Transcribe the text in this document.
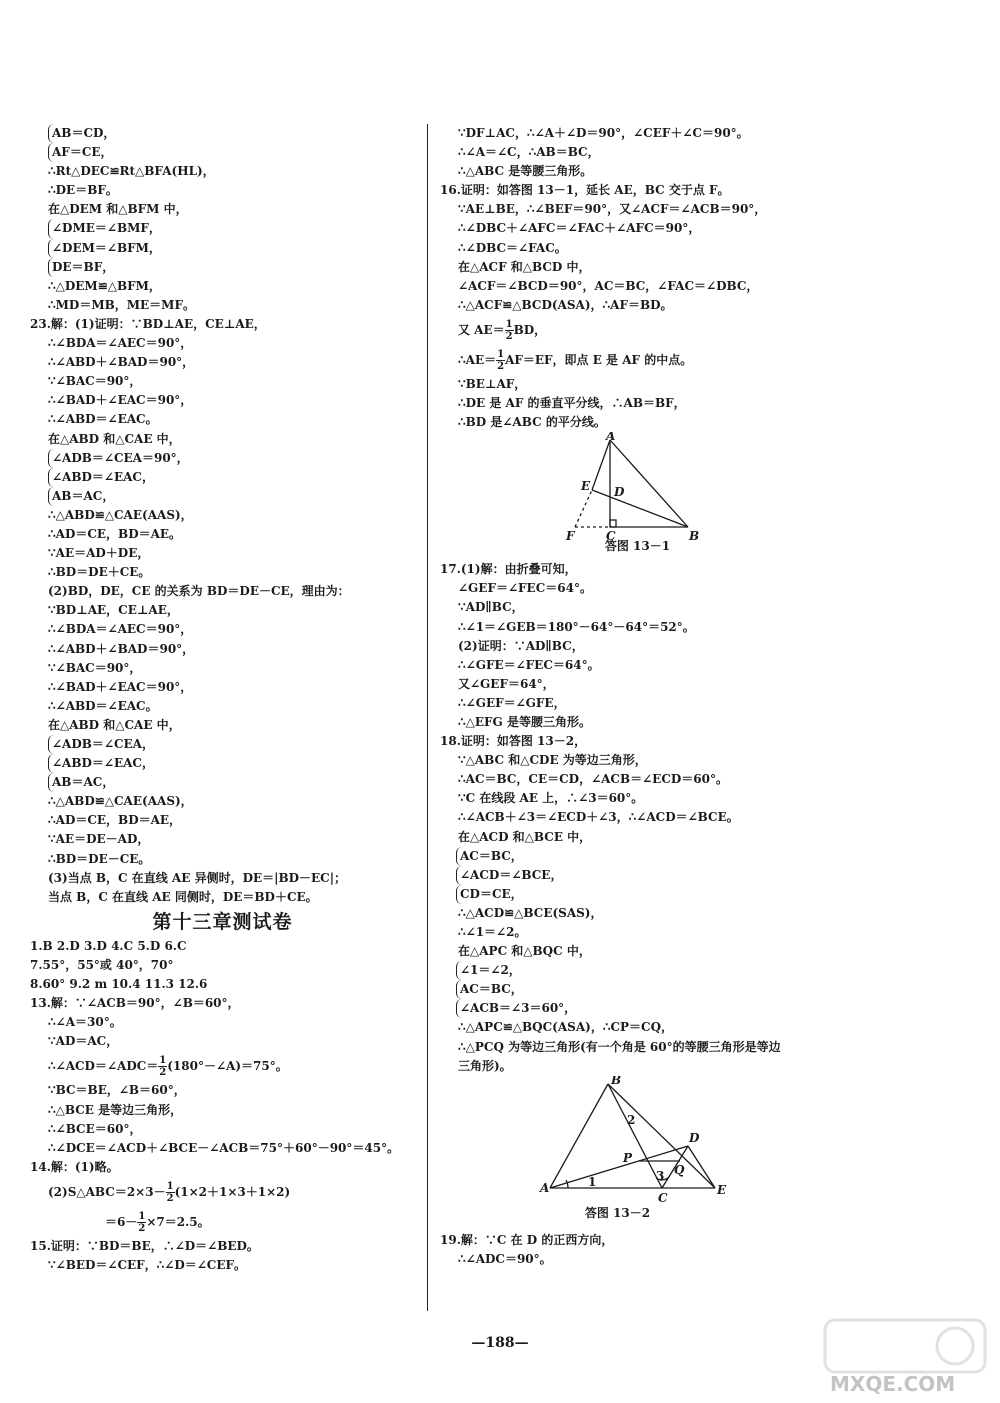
AB＝CD，
AF＝CE，
∴Rt△DEC≌Rt△BFA(HL)，
∴DE＝BF。
在△DEM 和△BFM 中，
∠DME＝∠BMF，
∠DEM＝∠BFM，
DE＝BF，
∴△DEM≌△BFM，
∴MD＝MB，ME＝MF。
23.解：(1)证明：∵BD⊥AE，CE⊥AE，
∴∠BDA＝∠AEC＝90°，
∴∠ABD＋∠BAD＝90°，
∵∠BAC＝90°，
∴∠BAD＋∠EAC＝90°，
∴∠ABD＝∠EAC。
在△ABD 和△CAE 中，
∠ADB＝∠CEA＝90°，
∠ABD＝∠EAC，
AB＝AC，
∴△ABD≌△CAE(AAS)，
∴AD＝CE，BD＝AE。
∵AE＝AD＋DE，
∴BD＝DE＋CE。
(2)BD，DE，CE 的关系为 BD＝DE－CE，理由为：
∵BD⊥AE，CE⊥AE，
∴∠BDA＝∠AEC＝90°，
∴∠ABD＋∠BAD＝90°，
∵∠BAC＝90°，
∴∠BAD＋∠EAC＝90°，
∴∠ABD＝∠EAC。
在△ABD 和△CAE 中，
∠ADB＝∠CEA，
∠ABD＝∠EAC，
AB＝AC，
∴△ABD≌△CAE(AAS)，
∴AD＝CE，BD＝AE，
∵AE＝DE－AD，
∴BD＝DE－CE。
(3)当点 B，C 在直线 AE 异侧时，DE＝|BD－EC|；
当点 B，C 在直线 AE 同侧时，DE＝BD＋CE。
第十三章测试卷
1.B 2.D 3.D 4.C 5.D 6.C
7.55°，55°或 40°，70°
8.60° 9.2 m 10.4 11.3 12.6
13.解：∵∠ACB＝90°，∠B＝60°，
∴∠A＝30°。
∵AD＝AC，
∴∠ACD＝∠ADC＝ $\frac{1}{2}$ (180°－∠A)＝75°。
∵BC＝BE，∠B＝60°，
∴△BCE 是等边三角形，
∴∠BCE＝60°，
∴∠DCE＝∠ACD＋∠BCE－∠ACB＝75°＋60°－90°＝45°。
14.解：(1)略。
(2)S△ABC＝2×3－ $\frac{1}{2} (1\times 2+1\times 3+1\times 2)$
$=6- \frac{1}{2} \times 7=2.5$。
15.证明：∵BD＝BE，∴∠D＝∠BED。
∵∠BED＝∠CEF，∴∠D＝∠CEF。
∵DF⊥AC，∴∠A＋∠D＝90°，∠CEF＋∠C＝90°。
∴∠A＝∠C，∴AB＝BC，
∴△ABC 是等腰三角形。
16.证明：如答图 13－1，延长 AE，BC 交于点 F。
∵AE⊥BE，∴∠BEF＝90°，又∠ACF＝∠ACB＝90°，
∴∠DBC＋∠AFC＝∠FAC＋∠AFC＝90°，
∴∠DBC＝∠FAC。
在△ACF 和△BCD 中，
∠ACF＝∠BCD＝90°，AC＝BC，∠FAC＝∠DBC，
∴△ACF≌△BCD(ASA)，∴AF＝BD。
又 $AE= \frac{1}{2}$ BD，
∴AE＝ $\frac{1}{2} AF=EF$，即点 E 是 AF 的中点。
∵BE⊥AF，
∴DE 是 AF 的垂直平分线，∴AB＝BF，
∴BD 是∠ABC 的平分线。
A
E D
F	C	B
答图 13－1
17.(1)解：由折叠可知，
∠GEF＝∠FEC＝64°。
∵AD∥BC，
∴∠1＝∠GEB＝180°－64°－64°＝52°。
(2)证明：∵AD∥BC，
∴∠GFE＝∠FEC＝64°。
又∠GEF＝64°，
∴∠GEF＝∠GFE，
∴△EFG 是等腰三角形。
18.证明：如答图 13－2，
∵△ABC 和△CDE 为等边三角形，
∴AC＝BC，CE＝CD，∠ACB＝∠ECD＝60°。
∵C 在线段 AE 上，∴∠3＝60°。
∴∠ACB＋∠3＝∠ECD＋∠3，∴∠ACD＝∠BCE。
在△ACD 和△BCE 中，
AC＝BC，
∠ACD＝∠BCE，
CD＝CE，
∴△ACD≌△BCE(SAS)，
∴∠1＝∠2。
在△APC 和△BQC 中，
∠1＝∠2，
AC＝BC，
∠ACB＝∠3＝60°，
∴△APC≌△BQC(ASA)，∴CP＝CQ，
∴△PCQ 为等边三角形(有一个角是 60°的等腰三角形是等边
三角形)。
B
2
D
P
3 Q
A	1
C
E
答图 13－2
19.解：∵C 在 D 的正西方向，
∴∠ADC＝90°。
—188—
MXQE.COM
